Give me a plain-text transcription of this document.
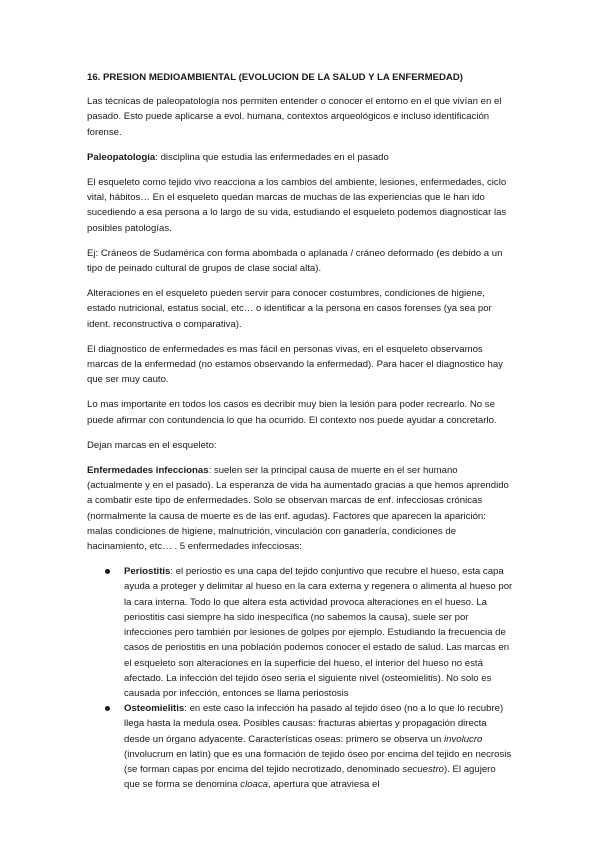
16. PRESION MEDIOAMBIENTAL (EVOLUCION DE LA SALUD Y LA ENFERMEDAD)

Las técnicas de paleopatología nos permiten entender o conocer el entorno en el que vivían en el pasado. Esto puede aplicarse a evol. humana, contextos arqueológicos e incluso identificación forense.

Paleopatología: disciplina que estudia las enfermedades en el pasado

El esqueleto como tejido vivo reacciona a los cambios del ambiente, lesiones, enfermedades, ciclo vital, hábitos… En el esqueleto quedan marcas de muchas de las experiencias que le han ido sucediendo a esa persona a lo largo de su vida, estudiando el esqueleto podemos diagnosticar las posibles patologías.

Ej: Cráneos de Sudamérica con forma abombada o aplanada / cráneo deformado (es debido a un tipo de peinado cultural de grupos de clase social alta).

Alteraciones en el esqueleto pueden servir para conocer costumbres, condiciones de higiene, estado nutricional, estatus social, etc… o identificar a la persona en casos forenses (ya sea por ident. reconstructiva o comparativa).

El diagnostico de enfermedades es mas fácil en personas vivas, en el esqueleto observamos marcas de la enfermedad (no estamos observando la enfermedad). Para hacer el diagnostico hay que ser muy cauto.

Lo mas importante en todos los casos es decribir muy bien la lesión para poder recrearlo. No se puede afirmar con contundencia lo que ha ocurrido. El contexto nos puede ayudar a concretarlo.

Dejan marcas en el esqueleto:

Enfermedades infeccionas: suelen ser la principal causa de muerte en el ser humano (actualmente y en el pasado). La esperanza de vida ha aumentado gracias a que hemos aprendido a combatir este tipo de enfermedades. Solo se observan marcas de enf. infecciosas crónicas (normalmente la causa de muerte es de las enf. agudas). Factores que aparecen la aparición: malas condiciones de higiene, malnutrición, vinculación con ganadería, condiciones de hacinamiento, etc… . 5 enfermedades infecciosas:

Periostitis: el periostio es una capa del tejido conjuntivo que recubre el hueso, esta capa ayuda a proteger y delimitar al hueso en la cara externa y regenera o alimenta al hueso por la cara interna. Todo lo que altera esta actividad provoca alteraciones en el hueso. La periostitis casi siempre ha sido inespecífica (no sabemos la causa), suele ser por infecciones pero también por lesiones de golpes por ejemplo. Estudiando la frecuencia de casos de periostitis en una población podemos conocer el estado de salud. Las marcas en el esqueleto son alteraciones en la superficie del hueso, el interior del hueso no está afectado. La infección del tejido óseo seria el siguiente nivel (osteomielitis). No solo es causada por infección, entonces se llama periostosis
Osteomielitis: en este caso la infección ha pasado al tejido óseo (no a lo que lo recubre) llega hasta la medula osea. Posibles causas: fracturas abiertas y propagación directa desde un órgano adyacente. Características oseas: primero se observa un involucro (involucrum en latín) que es una formación de tejido óseo por encima del tejido en necrosis (se forman capas por encima del tejido necrotizado, denominado secuestro). El agujero que se forma se denomina cloaca, apertura que atraviesa el
